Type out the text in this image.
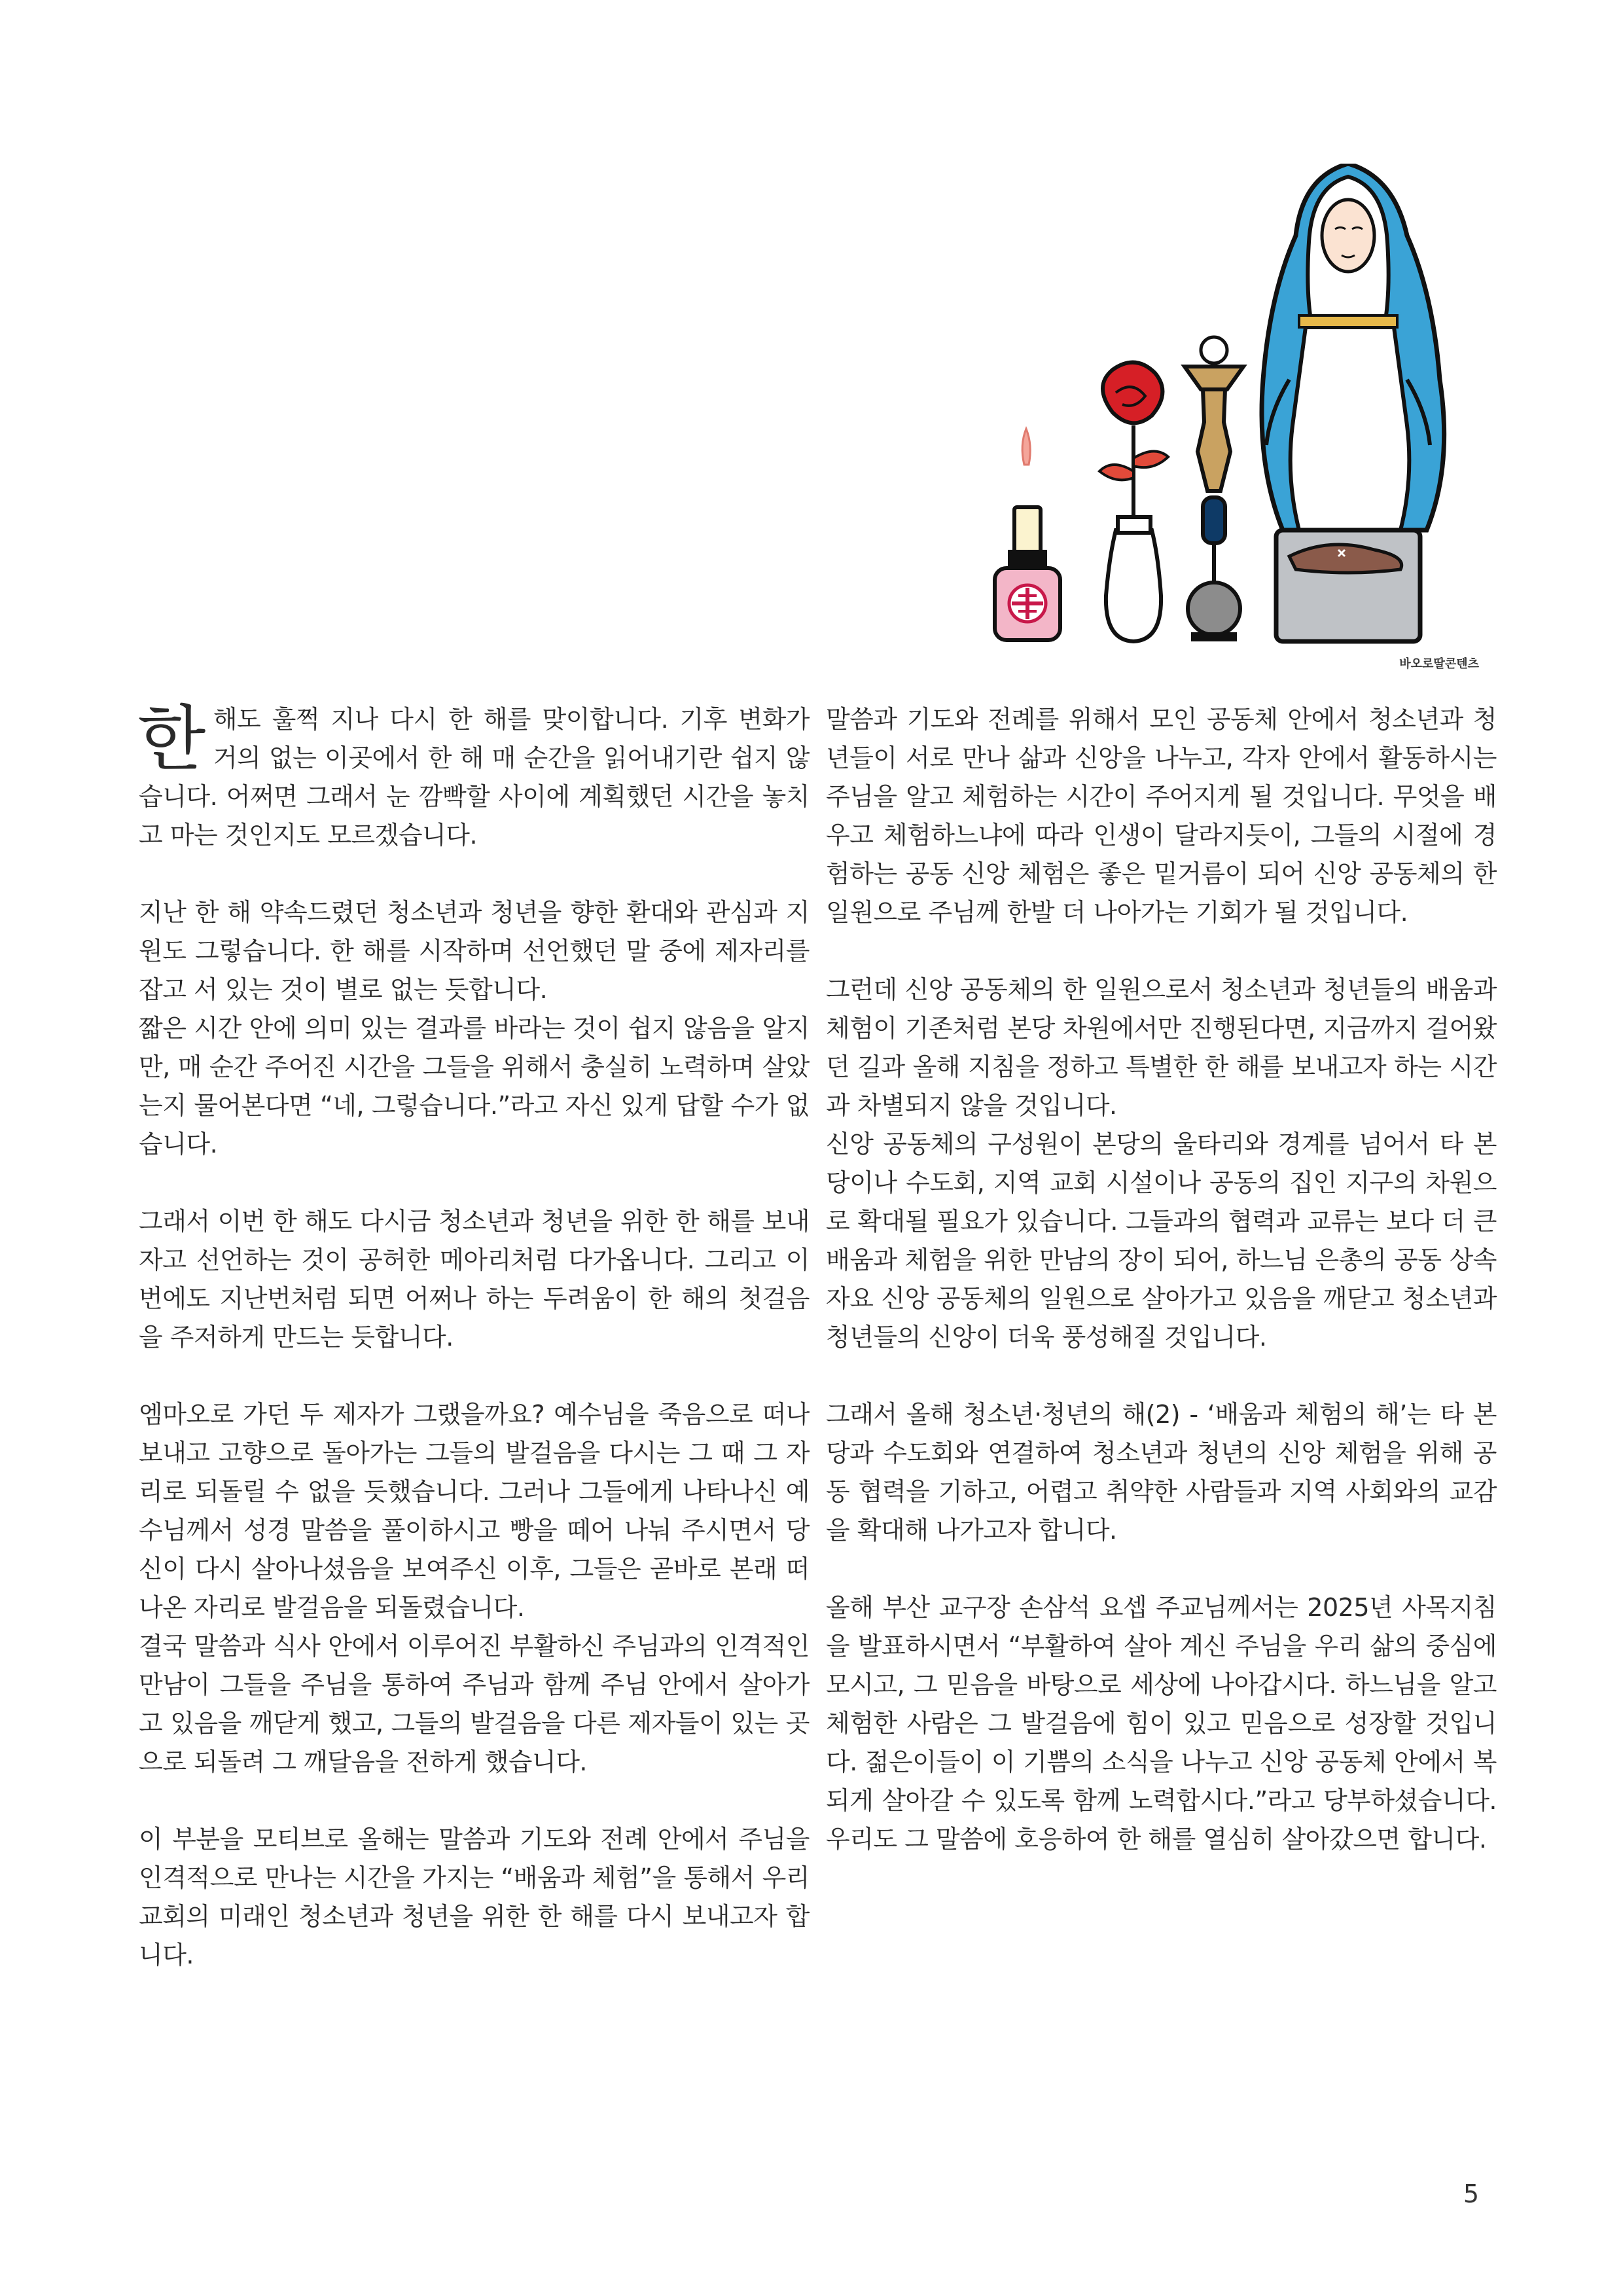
바오로딸콘텐츠

한해도 훌쩍 지나 다시 한 해를 맞이합니다. 기후 변화가 거의 없는 이곳에서 한 해 매 순간을 읽어내기란 쉽지 않습니다. 어쩌면 그래서 눈 깜빡할 사이에 계획했던 시간을 놓치고 마는 것인지도 모르겠습니다.

지난 한 해 약속드렸던 청소년과 청년을 향한 환대와 관심과 지원도 그렇습니다. 한 해를 시작하며 선언했던 말 중에 제자리를 잡고 서 있는 것이 별로 없는 듯합니다.

짧은 시간 안에 의미 있는 결과를 바라는 것이 쉽지 않음을 알지만, 매 순간 주어진 시간을 그들을 위해서 충실히 노력하며 살았는지 물어본다면 “네, 그렇습니다.”라고 자신 있게 답할 수가 없습니다.

그래서 이번 한 해도 다시금 청소년과 청년을 위한 한 해를 보내자고 선언하는 것이 공허한 메아리처럼 다가옵니다. 그리고 이번에도 지난번처럼 되면 어쩌나 하는 두려움이 한 해의 첫걸음을 주저하게 만드는 듯합니다.

엠마오로 가던 두 제자가 그랬을까요? 예수님을 죽음으로 떠나보내고 고향으로 돌아가는 그들의 발걸음을 다시는 그 때 그 자리로 되돌릴 수 없을 듯했습니다. 그러나 그들에게 나타나신 예수님께서 성경 말씀을 풀이하시고 빵을 떼어 나눠 주시면서 당신이 다시 살아나셨음을 보여주신 이후, 그들은 곧바로 본래 떠나온 자리로 발걸음을 되돌렸습니다.

결국 말씀과 식사 안에서 이루어진 부활하신 주님과의 인격적인 만남이 그들을 주님을 통하여 주님과 함께 주님 안에서 살아가고 있음을 깨닫게 했고, 그들의 발걸음을 다른 제자들이 있는 곳으로 되돌려 그 깨달음을 전하게 했습니다.

이 부분을 모티브로 올해는 말씀과 기도와 전례 안에서 주님을 인격적으로 만나는 시간을 가지는 “배움과 체험”을 통해서 우리 교회의 미래인 청소년과 청년을 위한 한 해를 다시 보내고자 합니다.

말씀과 기도와 전례를 위해서 모인 공동체 안에서 청소년과 청년들이 서로 만나 삶과 신앙을 나누고, 각자 안에서 활동하시는 주님을 알고 체험하는 시간이 주어지게 될 것입니다. 무엇을 배우고 체험하느냐에 따라 인생이 달라지듯이, 그들의 시절에 경험하는 공동 신앙 체험은 좋은 밑거름이 되어 신앙 공동체의 한 일원으로 주님께 한발 더 나아가는 기회가 될 것입니다.

그런데 신앙 공동체의 한 일원으로서 청소년과 청년들의 배움과 체험이 기존처럼 본당 차원에서만 진행된다면, 지금까지 걸어왔던 길과 올해 지침을 정하고 특별한 한 해를 보내고자 하는 시간과 차별되지 않을 것입니다.

신앙 공동체의 구성원이 본당의 울타리와 경계를 넘어서 타 본당이나 수도회, 지역 교회 시설이나 공동의 집인 지구의 차원으로 확대될 필요가 있습니다. 그들과의 협력과 교류는 보다 더 큰 배움과 체험을 위한 만남의 장이 되어, 하느님 은총의 공동 상속자요 신앙 공동체의 일원으로 살아가고 있음을 깨닫고 청소년과 청년들의 신앙이 더욱 풍성해질 것입니다.

그래서 올해 청소년·청년의 해(2) - ‘배움과 체험의 해’는 타 본당과 수도회와 연결하여 청소년과 청년의 신앙 체험을 위해 공동 협력을 기하고, 어렵고 취약한 사람들과 지역 사회와의 교감을 확대해 나가고자 합니다.

올해 부산 교구장 손삼석 요셉 주교님께서는 2025년 사목지침을 발표하시면서 “부활하여 살아 계신 주님을 우리 삶의 중심에 모시고, 그 믿음을 바탕으로 세상에 나아갑시다. 하느님을 알고 체험한 사람은 그 발걸음에 힘이 있고 믿음으로 성장할 것입니다. 젊은이들이 이 기쁨의 소식을 나누고 신앙 공동체 안에서 복되게 살아갈 수 있도록 함께 노력합시다.”라고 당부하셨습니다. 우리도 그 말씀에 호응하여 한 해를 열심히 살아갔으면 합니다.

5
